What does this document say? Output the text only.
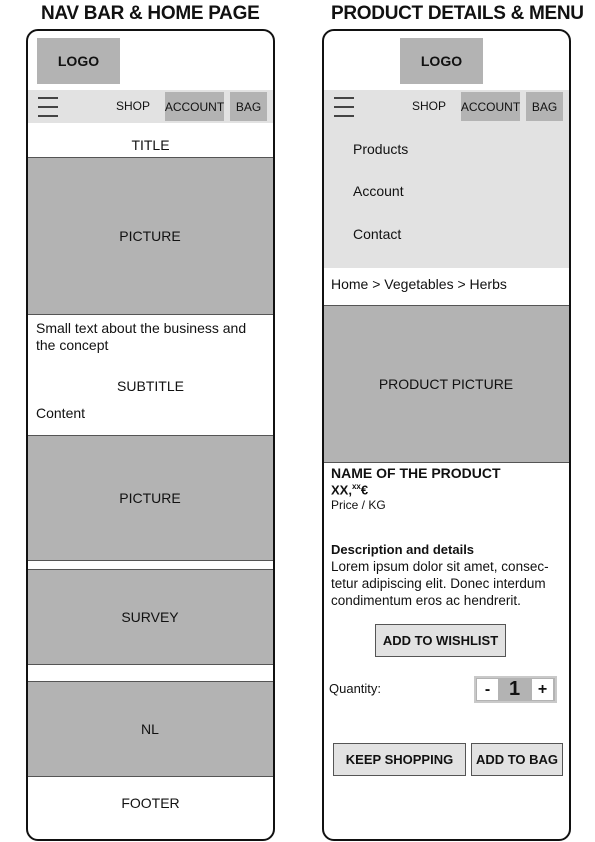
NAV BAR & HOME PAGE	PRODUCT DETAILS & MENU
LOGO
SHOP ACCOUNT BAG
TITLE
PICTURE
Small text about the business and the concept
SUBTITLE
Content
PICTURE
SURVEY
NL
FOOTER
LOGO
SHOP ACCOUNT BAG
Products
Account
Contact
Home > Vegetables > Herbs
PRODUCT PICTURE
NAME OF THE PRODUCT
XX,$^{xx}$€
Price / KG
Description and details
Lorem ipsum dolor sit amet, consec-tetur adipiscing elit. Donec interdum condimentum eros ac hendrerit.
ADD TO WISHLIST
Quantity:	- 1	+
KEEP SHOPPING	ADD TO BAG
